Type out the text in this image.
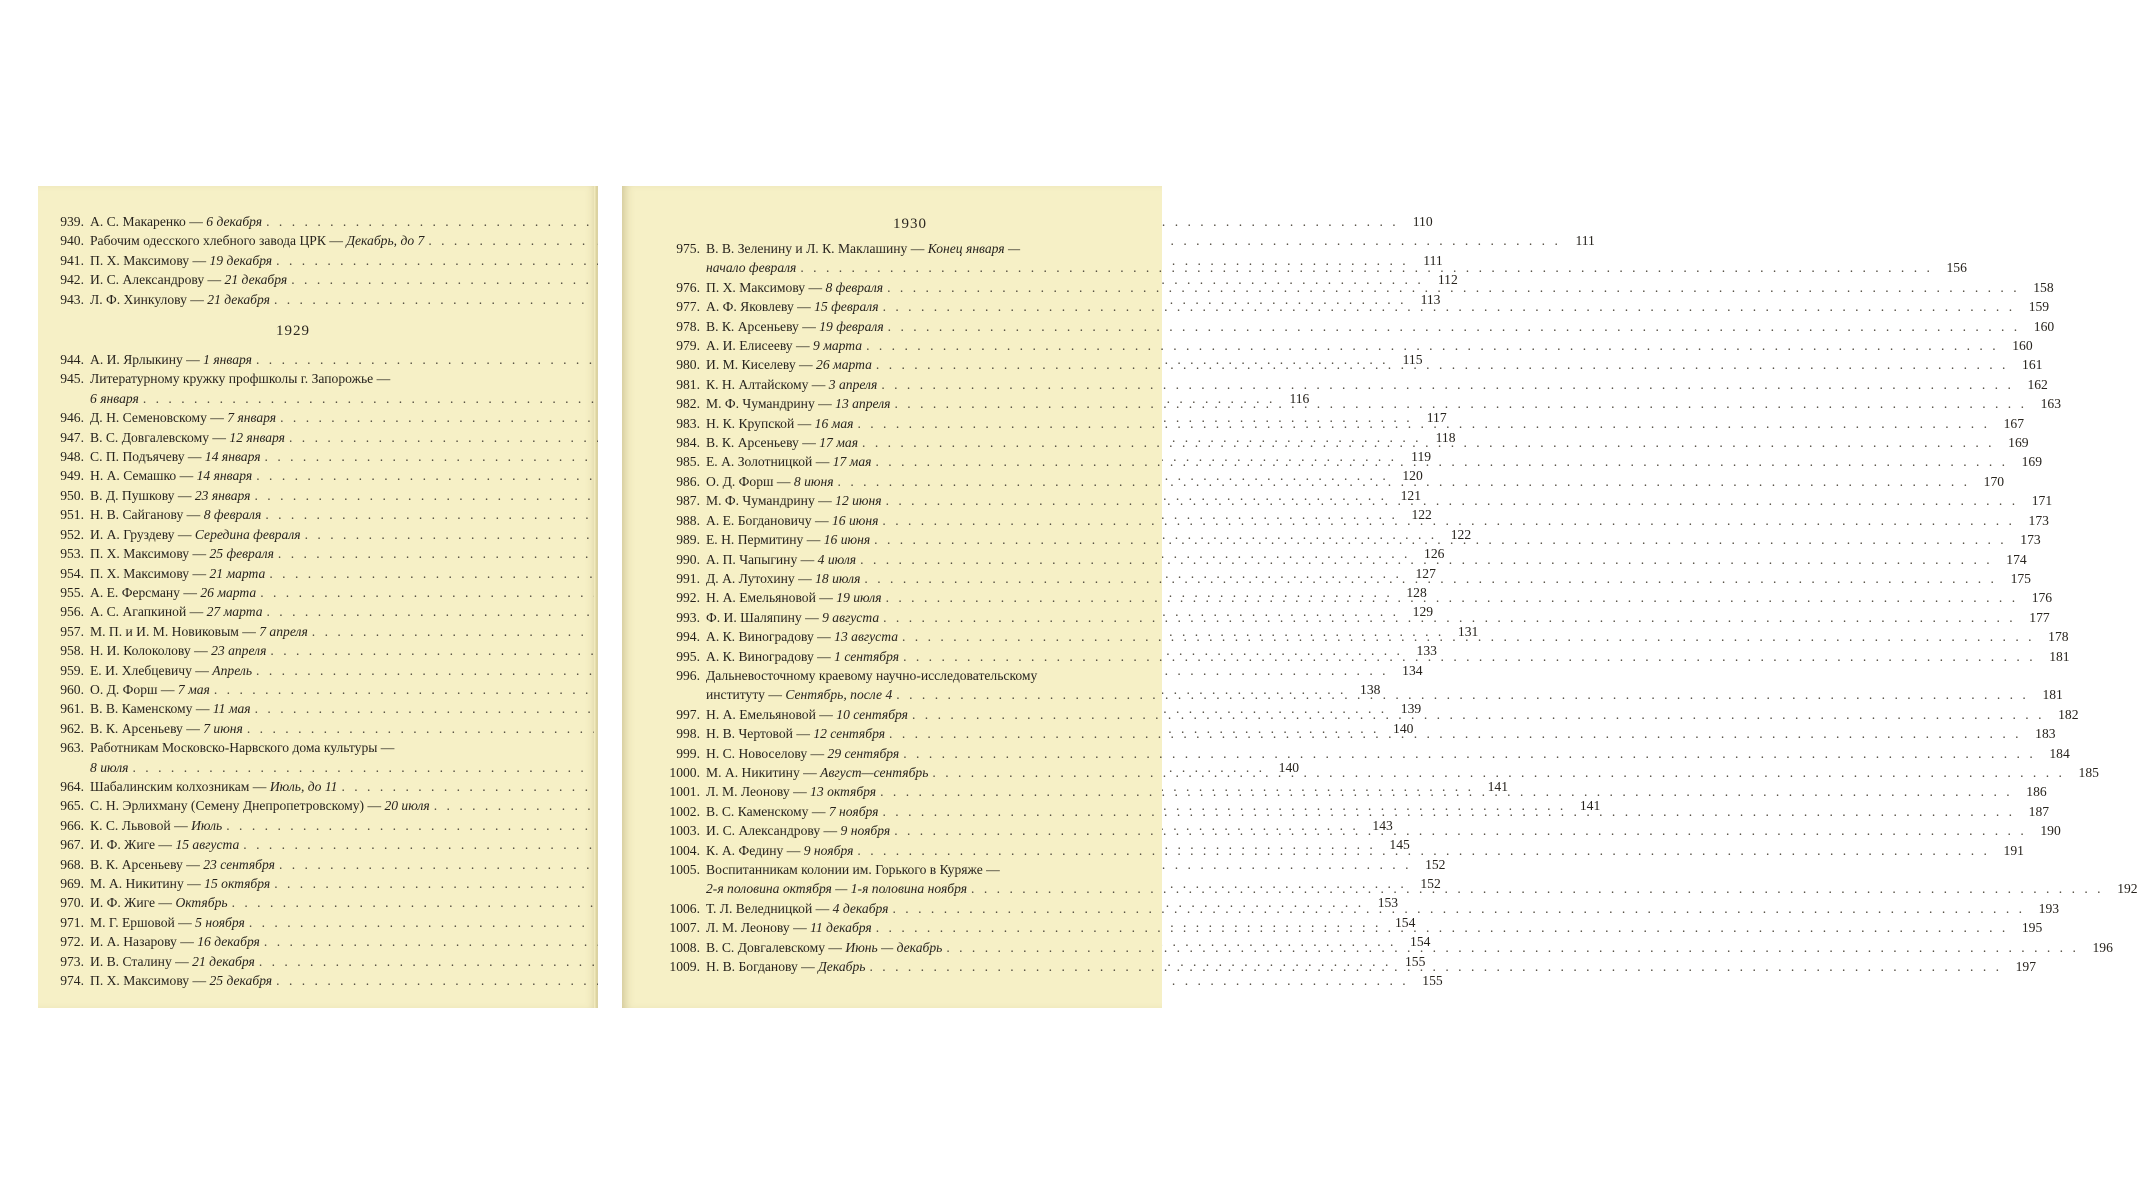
939. А. С. Макаренко — 6 декабря . . .	110
940. Рабочим одесского хлебного завода ЦРК — Декабрь, до 7 . . .	111
941. П. Х. Максимову — 19 декабря . . .	111
942. И. С. Александрову — 21 декабря . . .	112
943. Л. Ф. Хинкулову — 21 декабря . . .	113
1929
944. А. И. Ярлыкину — 1 января . . .	115
945. Литературному кружку профшколы г. Запорожье —
6 января . . .	116
946. Д. Н. Семеновскому — 7 января . . .	117
947. В. С. Довгалевскому — 12 января . . .	118
948. С. П. Подъячеву — 14 января . . .	119
949. Н. А. Семашко — 14 января . . .	120
950. В. Д. Пушкову — 23 января . . .	121
951. Н. В. Сайганову — 8 февраля . . .	122
952. И. А. Груздеву — Середина февраля . . .	122
953. П. Х. Максимову — 25 февраля . . .	126
954. П. Х. Максимову — 21 марта . . .	127
955. А. Е. Ферсману — 26 марта . . .	128
956. А. С. Агапкиной — 27 марта . . .	129
957. М. П. и И. М. Новиковым — 7 апреля . . .	131
958. Н. И. Колоколову — 23 апреля . . .	133
959. Е. И. Хлебцевичу — Апрель . . .	134
960. О. Д. Форш — 7 мая . . .	138
961. В. В. Каменскому — 11 мая . . .	139
962. В. К. Арсеньеву — 7 июня . . .	140
963. Работникам Московско-Нарвского дома культуры —
8 июля . . .	140
964. Шабалинским колхозникам — Июль, до 11 . . .	141
965. С. Н. Эрлихману (Семену Днепропетровскому) — 20 июля . . .	141
966. К. С. Львовой — Июль . . .	143
967. И. Ф. Жиге — 15 августа . . .	145
968. В. К. Арсеньеву — 23 сентября . . .	152
969. М. А. Никитину — 15 октября . . .	152
970. И. Ф. Жиге — Октябрь . . .	153
971. М. Г. Ершовой — 5 ноября . . .	154
972. И. А. Назарову — 16 декабря . . .	154
973. И. В. Сталину — 21 декабря . . .	155
974. П. Х. Максимову — 25 декабря . . .	155
1930
975. В. В. Зеленину и Л. К. Маклашину — Конец января —
начало февраля . . .	156
976. П. Х. Максимову — 8 февраля . . .	158
977. А. Ф. Яковлеву — 15 февраля . . .	159
978. В. К. Арсеньеву — 19 февраля . . .	160
979. А. И. Елисееву — 9 марта . . .	160
980. И. М. Киселеву — 26 марта . . .	161
981. К. Н. Алтайскому — 3 апреля . . .	162
982. М. Ф. Чумандрину — 13 апреля . . .	163
983. Н. К. Крупской — 16 мая . . .	167
984. В. К. Арсеньеву — 17 мая . . .	169
985. Е. А. Золотницкой — 17 мая . . .	169
986. О. Д. Форш — 8 июня . . .	170
987. М. Ф. Чумандрину — 12 июня . . .	171
988. А. Е. Богдановичу — 16 июня . . .	173
989. Е. Н. Пермитину — 16 июня . . .	173
990. А. П. Чапыгину — 4 июля . . .	174
991. Д. А. Лутохину — 18 июля . . .	175
992. Н. А. Емельяновой — 19 июля . . .	176
993. Ф. И. Шаляпину — 9 августа . . .	177
994. А. К. Виноградову — 13 августа . . .	178
995. А. К. Виноградову — 1 сентября . . .	181
996. Дальневосточному краевому научно-исследовательскому
институту — Сентябрь, после 4 . . .	181
997. Н. А. Емельяновой — 10 сентября . . .	182
998. Н. В. Чертовой — 12 сентября . . .	183
999. Н. С. Новоселову — 29 сентября . . .	184
1000. М. А. Никитину — Август—сентябрь . . .	185
1001. Л. М. Леонову — 13 октября . . .	186
1002. В. С. Каменскому — 7 ноября . . .	187
1003. И. С. Александрову — 9 ноября . . .	190
1004. К. А. Федину — 9 ноября . . .	191
1005. Воспитанникам колонии им. Горького в Куряже —
2-я половина октября — 1-я половина ноября . . .	192
1006. Т. Л. Веледницкой — 4 декабря . . .	193
1007. Л. М. Леонову — 11 декабря . . .	195
1008. В. С. Довгалевскому — Июнь — декабрь . . .	196
1009. Н. В. Богданову — Декабрь . . .	197
